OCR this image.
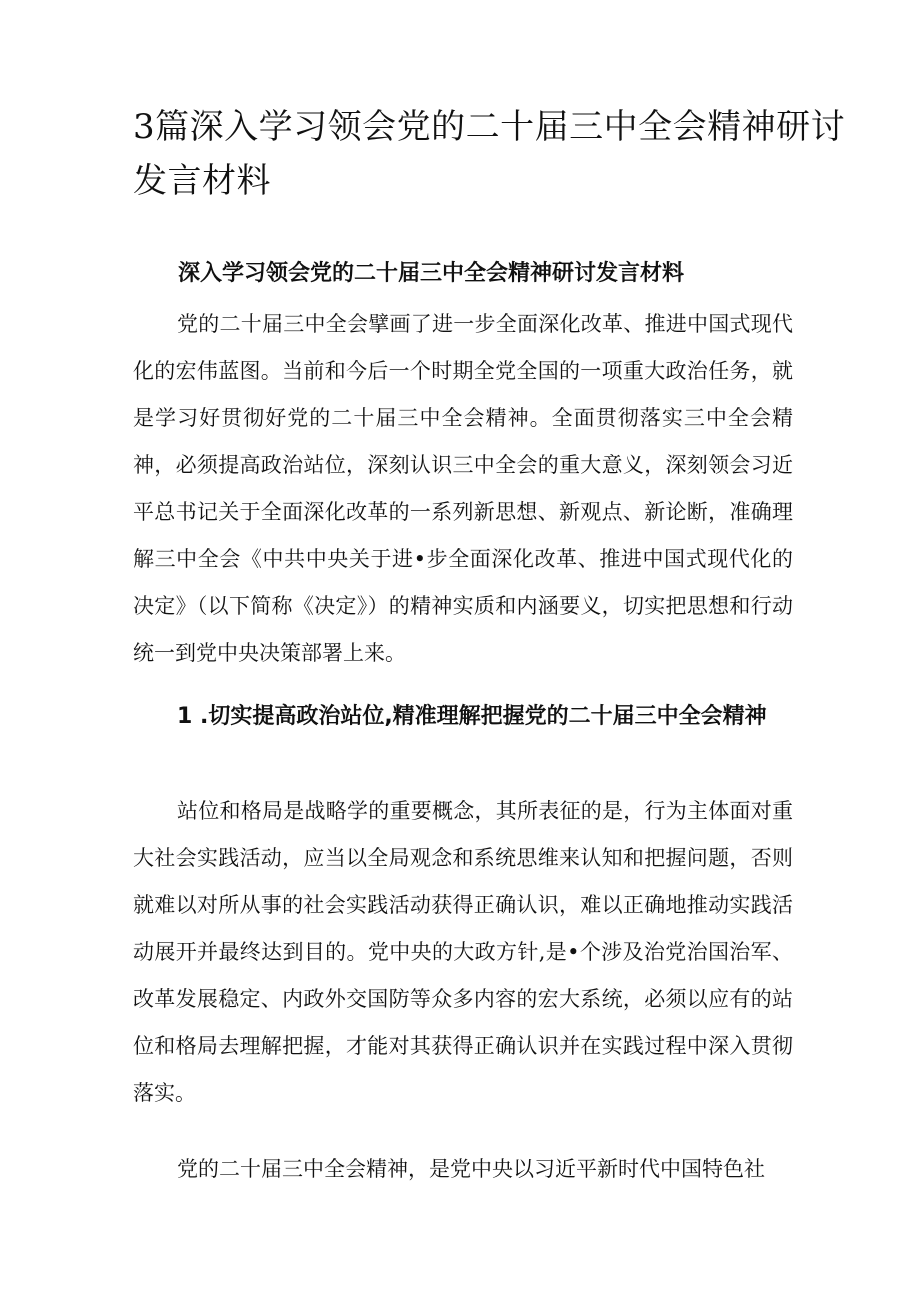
3篇深入学习领会党的二十届三中全会精神研讨发言材料
深入学习领会党的二十届三中全会精神研讨发言材料

党的二十届三中全会擘画了进一步全面深化改革、推进中国式现代化的宏伟蓝图。当前和今后一个时期全党全国的一项重大政治任务，就是学习好贯彻好党的二十届三中全会精神。全面贯彻落实三中全会精神，必须提高政治站位，深刻认识三中全会的重大意义，深刻领会习近平总书记关于全面深化改革的一系列新思想、新观点、新论断，准确理解三中全会《中共中央关于进•步全面深化改革、推进中国式现代化的决定》（以下简称《决定》）的精神实质和内涵要义，切实把思想和行动统一到党中央决策部署上来。

1 .切实提高政治站位,精准理解把握党的二十届三中全会精神

站位和格局是战略学的重要概念，其所表征的是，行为主体面对重大社会实践活动，应当以全局观念和系统思维来认知和把握问题，否则就难以对所从事的社会实践活动获得正确认识，难以正确地推动实践活动展开并最终达到目的。党中央的大政方针,是•个涉及治党治国治军、改革发展稳定、内政外交国防等众多内容的宏大系统，必须以应有的站位和格局去理解把握，才能对其获得正确认识并在实践过程中深入贯彻落实。

党的二十届三中全会精神，是党中央以习近平新时代中国特色社
